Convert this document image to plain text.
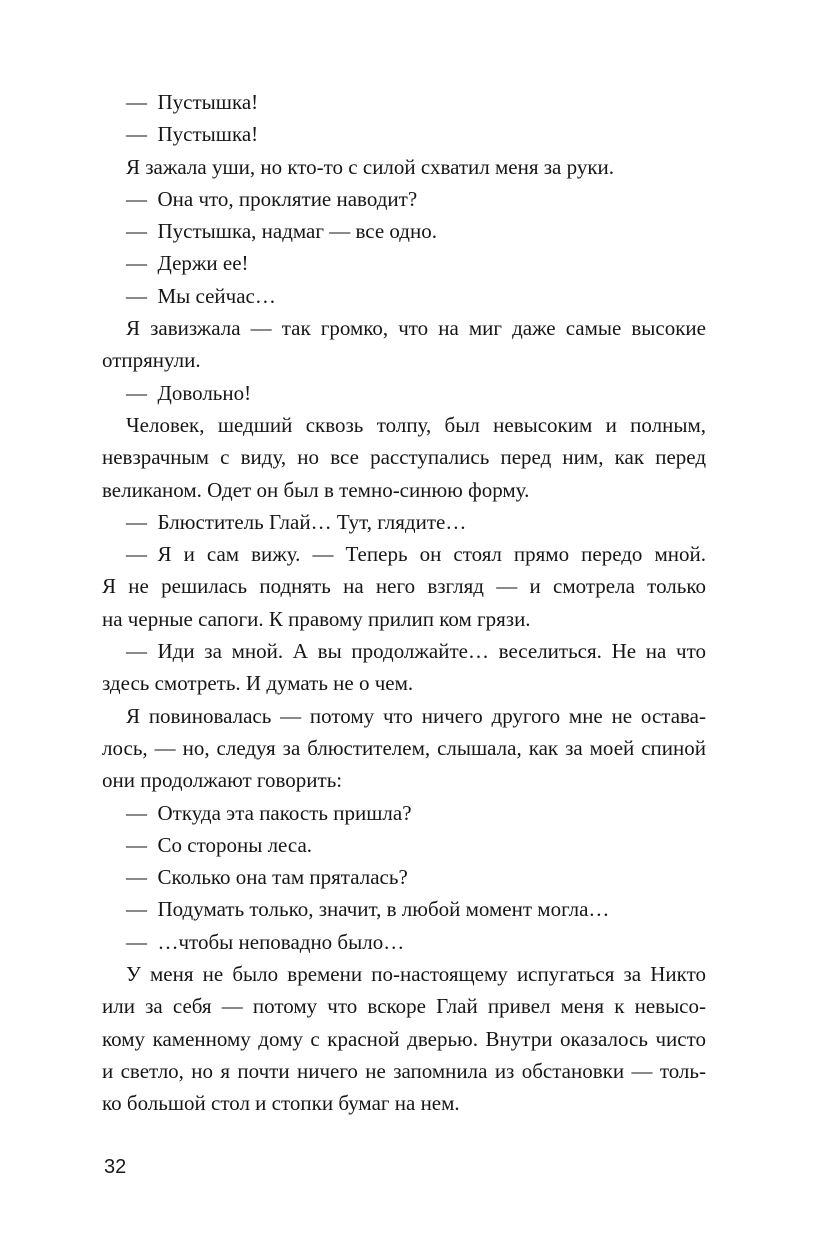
— Пустышка!
— Пустышка!
Я зажала уши, но кто-то с силой схватил меня за руки.
— Она что, проклятие наводит?
— Пустышка, надмаг — все одно.
— Держи ее!
— Мы сейчас…
Я завизжала — так громко, что на миг даже самые высокие
отпрянули.
— Довольно!
Человек, шедший сквозь толпу, был невысоким и полным,
невзрачным с виду, но все расступались перед ним, как перед
великаном. Одет он был в темно-синюю форму.
— Блюститель Глай… Тут, глядите…
— Я и сам вижу. — Теперь он стоял прямо передо мной.
Я не решилась поднять на него взгляд — и смотрела только
на черные сапоги. К правому прилип ком грязи.
— Иди за мной. А вы продолжайте… веселиться. Не на что
здесь смотреть. И думать не о чем.
Я повиновалась — потому что ничего другого мне не остава-
лось, — но, следуя за блюстителем, слышала, как за моей спиной
они продолжают говорить:
— Откуда эта пакость пришла?
— Со стороны леса.
— Сколько она там пряталась?
— Подумать только, значит, в любой момент могла…
— …чтобы неповадно было…
У меня не было времени по-настоящему испугаться за Никто
или за себя — потому что вскоре Глай привел меня к невысо-
кому каменному дому с красной дверью. Внутри оказалось чисто
и светло, но я почти ничего не запомнила из обстановки — толь-
ко большой стол и стопки бумаг на нем.
32
